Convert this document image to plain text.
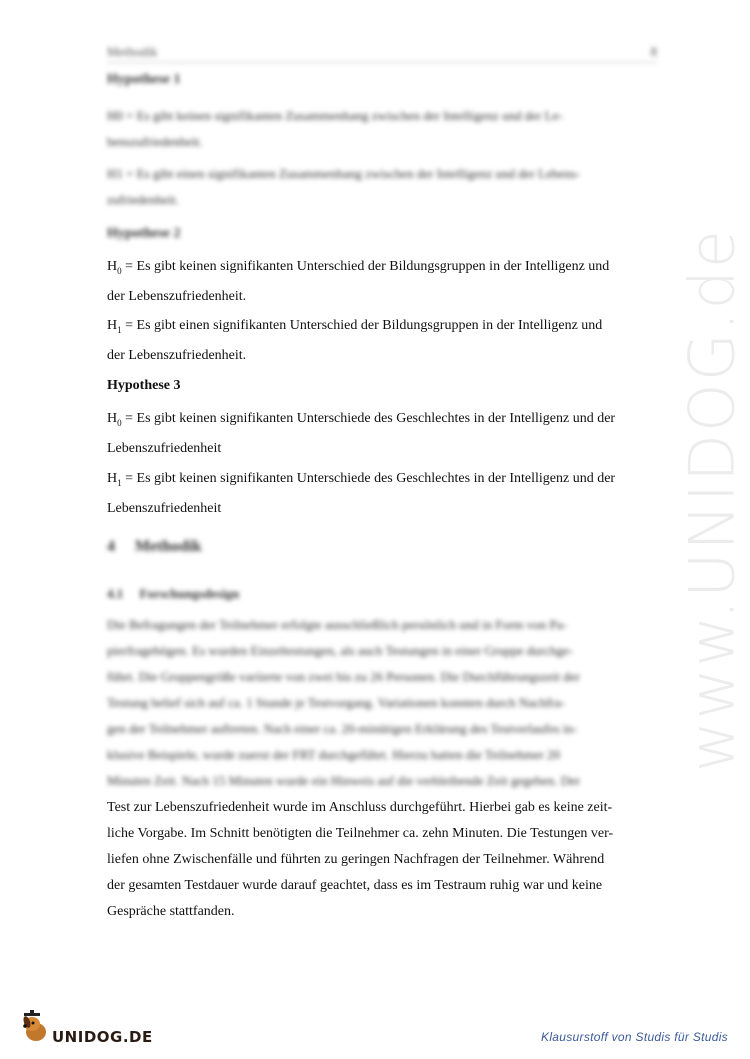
www.UNIDOG.de
Methodik	8
Hypothese 1
H0 = Es gibt keinen signifikanten Zusammenhang zwischen der Intelligenz und der Le-
benszufriedenheit.
H1 = Es gibt einen signifikanten Zusammenhang zwischen der Intelligenz und der Lebens-
zufriedenheit.
Hypothese 2
$H_0 = Es$ gibt keinen signifikanten Unterschied der Bildungsgruppen in der Intelligenz und
der Lebenszufriedenheit.
$H_1 = Es$ gibt einen signifikanten Unterschied der Bildungsgruppen in der Intelligenz und
der Lebenszufriedenheit.
Hypothese 3
$H_0 = Es$ gibt keinen signifikanten Unterschiede des Geschlechtes in der Intelligenz und der
Lebenszufriedenheit
$H_1 = Es$ gibt keinen signifikanten Unterschiede des Geschlechtes in der Intelligenz und der
Lebenszufriedenheit
4     Methodik
4.1     Forschungsdesign
Die Befragungen der Teilnehmer erfolgte ausschließlich persönlich und in Form von Pa-
pierfragebögen. Es wurden Einzeltestungen, als auch Testungen in einer Gruppe durchge-
führt. Die Gruppengröße variierte von zwei bis zu 26 Personen. Die Durchführungszeit der
Testung belief sich auf ca. 1 Stunde je Testvorgang. Variationen konnten durch Nachfra-
gen der Teilnehmer auftreten. Nach einer ca. 20-minütigen Erklärung des Testverlaufes in-
klusive Beispiele, wurde zuerst der FRT durchgeführt. Hierzu hatten die Teilnehmer 20
Minuten Zeit. Nach 15 Minuten wurde ein Hinweis auf die verbleibende Zeit gegeben. Der
Test zur Lebenszufriedenheit wurde im Anschluss durchgeführt. Hierbei gab es keine zeit-
liche Vorgabe. Im Schnitt benötigten die Teilnehmer ca. zehn Minuten. Die Testungen ver-
liefen ohne Zwischenfälle und führten zu geringen Nachfragen der Teilnehmer. Während
der gesamten Testdauer wurde darauf geachtet, dass es im Testraum ruhig war und keine
Gespräche stattfanden.
UNIDOG.DE	Klausurstoff von Studis für Studis
